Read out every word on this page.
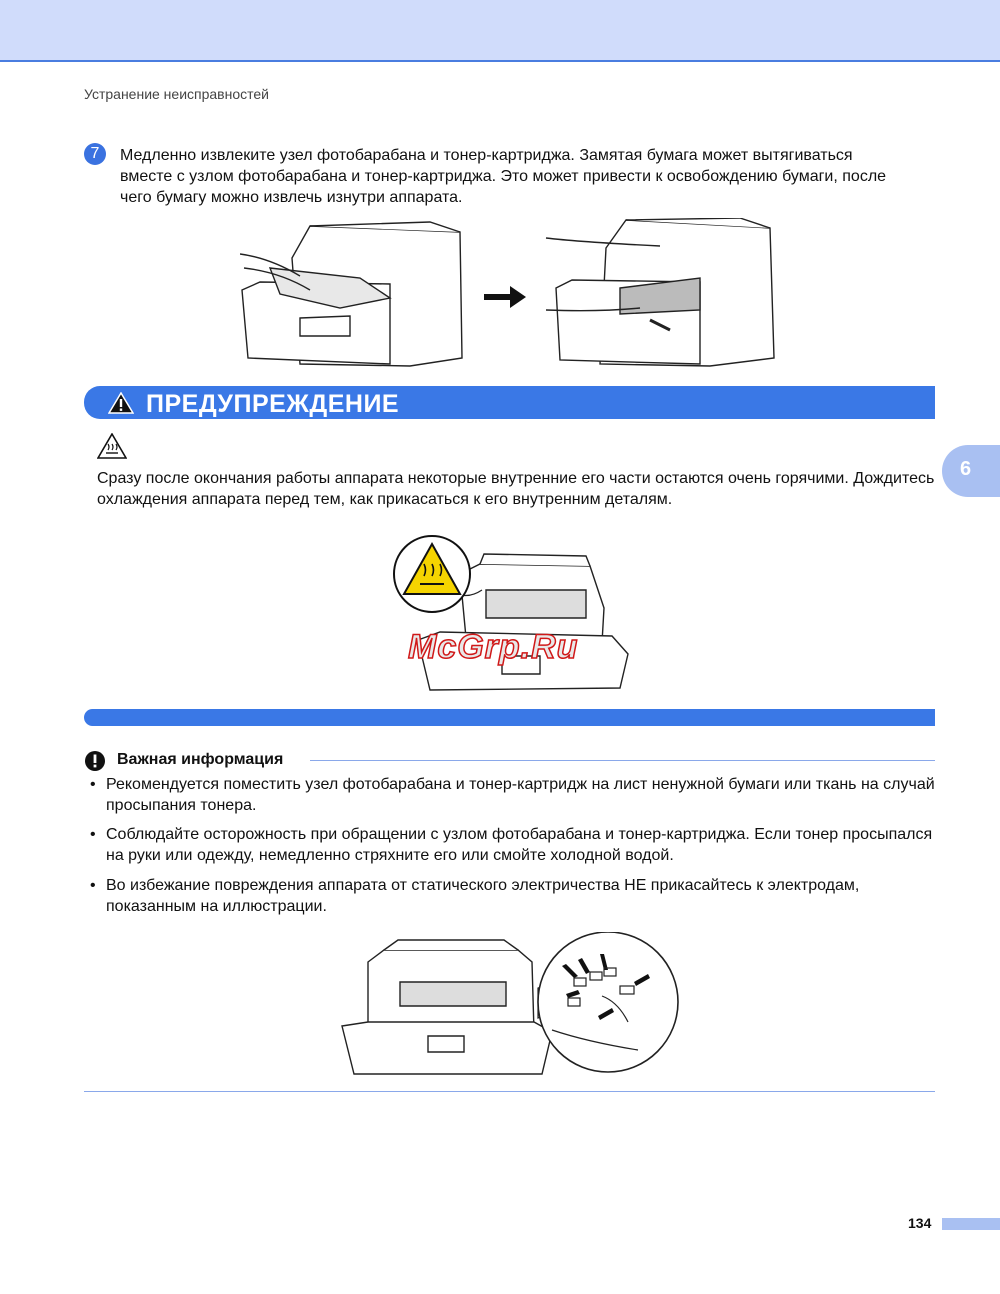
Устранение неисправностей
7	Медленно извлеките узел фотобарабана и тонер-картриджа. Замятая бумага может вытягиваться вместе с узлом фотобарабана и тонер-картриджа. Это может привести к освобождению бумаги, после чего бумагу можно извлечь изнутри аппарата.
ПРЕДУПРЕЖДЕНИЕ
Сразу после окончания работы аппарата некоторые внутренние его части остаются очень горячими. Дождитесь охлаждения аппарата перед тем, как прикасаться к его внутренним деталям.
6
McGrp.Ru
Важная информация
• Рекомендуется поместить узел фотобарабана и тонер-картридж на лист ненужной бумаги или ткань на случай просыпания тонера.
• Соблюдайте осторожность при обращении с узлом фотобарабана и тонер-картриджа. Если тонер просыпался на руки или одежду, немедленно стряхните его или смойте холодной водой.
• Во избежание повреждения аппарата от статического электричества НЕ прикасайтесь к электродам, показанным на иллюстрации.
134
